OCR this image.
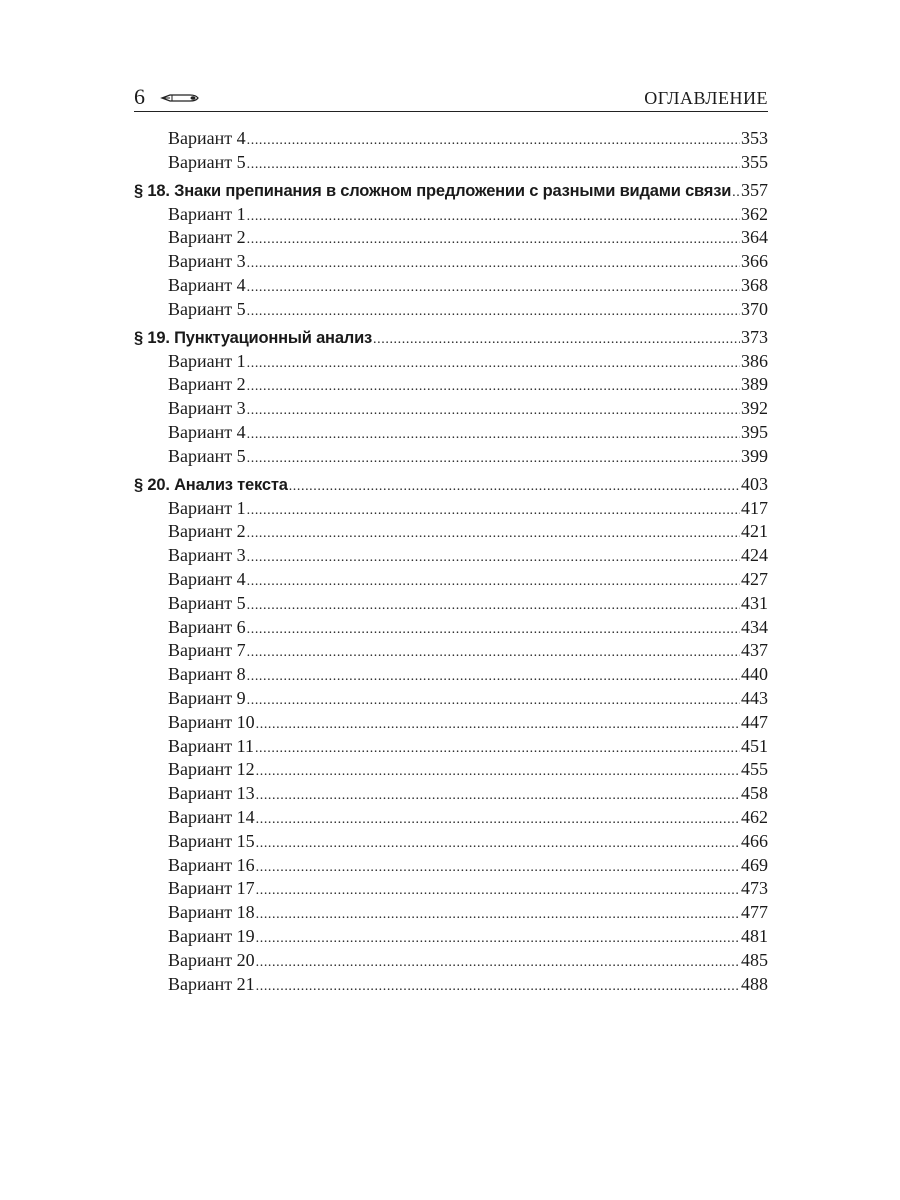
6	ОГЛАВЛЕНИЕ
Вариант 4 .....	353
Вариант 5 .....	355
§ 18. Знаки препинания в сложном предложении с разными видами связи ..... 357
Вариант 1 .....	362
Вариант 2 .....	364
Вариант 3 .....	366
Вариант 4 .....	368
Вариант 5 .....	370
§ 19. Пунктуационный анализ .....	373
Вариант 1 .....	386
Вариант 2 .....	389
Вариант 3 .....	392
Вариант 4 .....	395
Вариант 5 .....	399
§ 20. Анализ текста .....	403
Вариант 1 .....	417
Вариант 2 .....	421
Вариант 3 .....	424
Вариант 4 .....	427
Вариант 5 .....	431
Вариант 6 .....	434
Вариант 7 .....	437
Вариант 8 .....	440
Вариант 9 .....	443
Вариант 10 .....	447
Вариант 11 .....	451
Вариант 12 .....	455
Вариант 13 .....	458
Вариант 14 .....	462
Вариант 15 .....	466
Вариант 16 .....	469
Вариант 17 .....	473
Вариант 18 .....	477
Вариант 19 .....	481
Вариант 20 .....	485
Вариант 21 .....	488
